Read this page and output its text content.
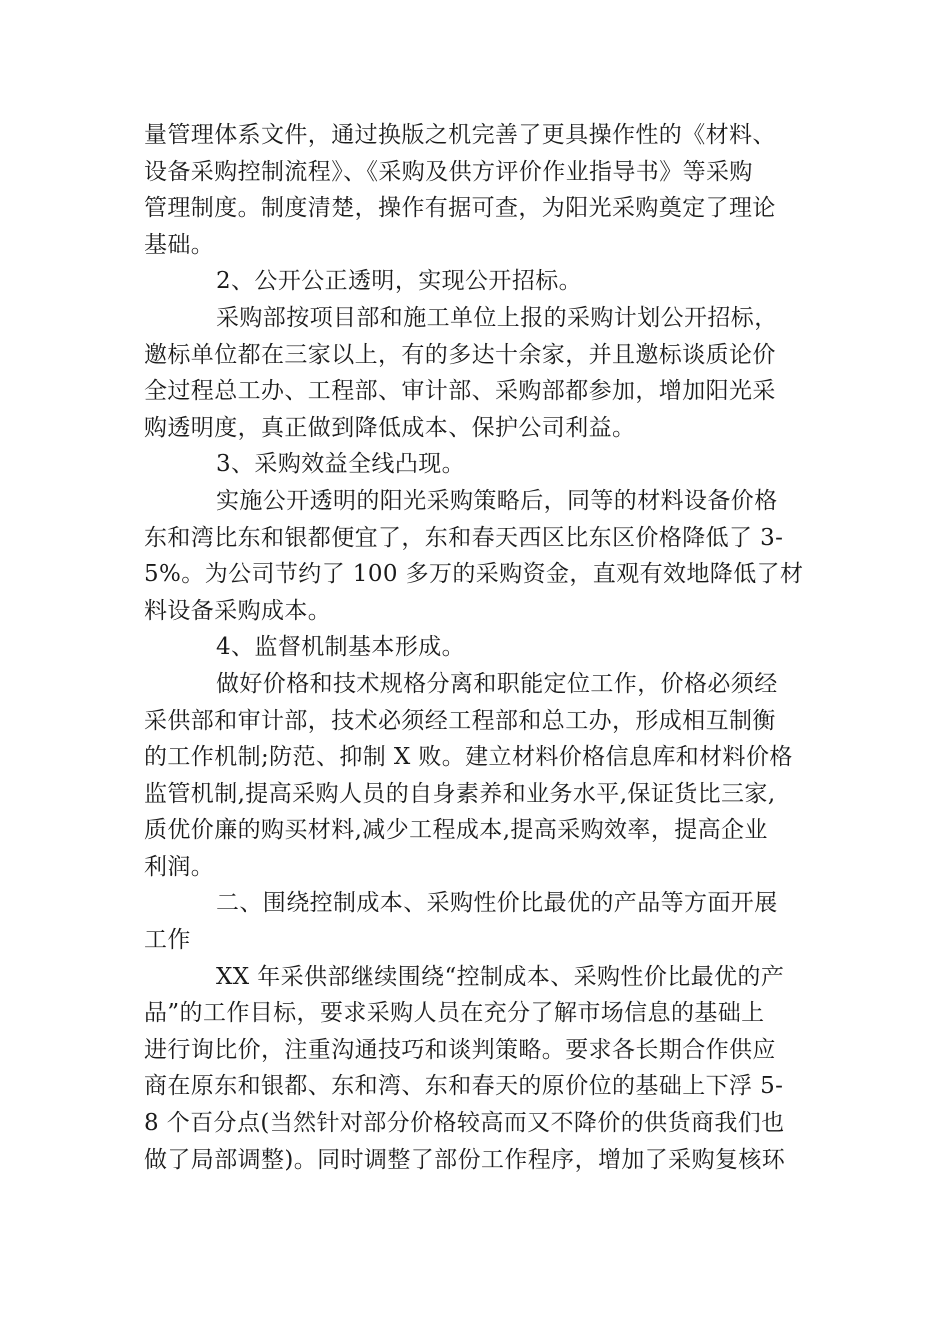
量管理体系文件，通过换版之机完善了更具操作性的《材料、
设备采购控制流程》、《采购及供方评价作业指导书》等采购
管理制度。制度清楚，操作有据可查，为阳光采购奠定了理论
基础。
2、公开公正透明，实现公开招标。
采购部按项目部和施工单位上报的采购计划公开招标，
邀标单位都在三家以上，有的多达十余家，并且邀标谈质论价
全过程总工办、工程部、审计部、采购部都参加，增加阳光采
购透明度，真正做到降低成本、保护公司利益。
3、采购效益全线凸现。
实施公开透明的阳光采购策略后，同等的材料设备价格
东和湾比东和银都便宜了，东和春天西区比东区价格降低了 3-
5%。为公司节约了 100 多万的采购资金，直观有效地降低了材
料设备采购成本。
4、监督机制基本形成。
做好价格和技术规格分离和职能定位工作，价格必须经
采供部和审计部，技术必须经工程部和总工办，形成相互制衡
的工作机制;防范、抑制 X 败。建立材料价格信息库和材料价格
监管机制,提高采购人员的自身素养和业务水平,保证货比三家,
质优价廉的购买材料,减少工程成本,提高采购效率，提高企业
利润。
二、围绕控制成本、采购性价比最优的产品等方面开展
工作
XX 年采供部继续围绕“控制成本、采购性价比最优的产
品”的工作目标，要求采购人员在充分了解市场信息的基础上
进行询比价，注重沟通技巧和谈判策略。要求各长期合作供应
商在原东和银都、东和湾、东和春天的原价位的基础上下浮 5-
8 个百分点(当然针对部分价格较高而又不降价的供货商我们也
做了局部调整)。同时调整了部份工作程序，增加了采购复核环
